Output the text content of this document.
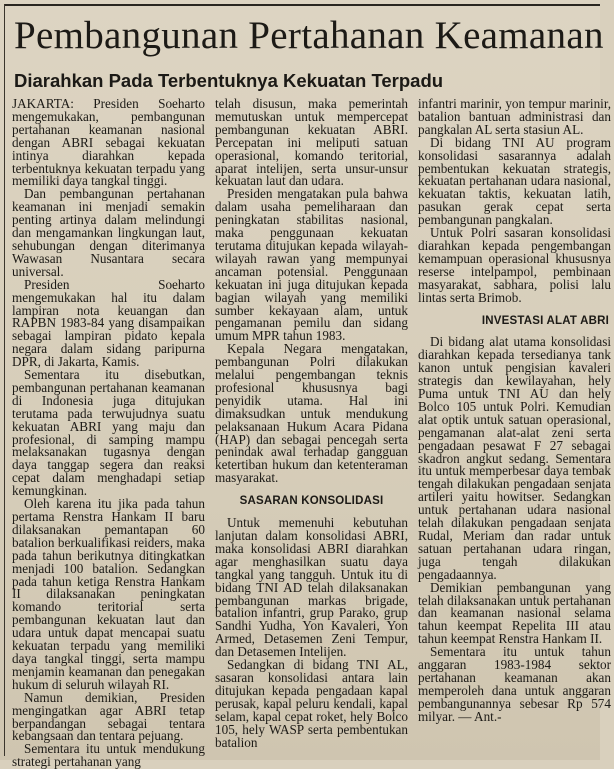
Pembangunan Pertahanan Keamanan
Diarahkan Pada Terbentuknya Kekuatan Terpadu

JAKARTA: Presiden Soeharto mengemukakan, pembangunan pertahanan keamanan nasional dengan ABRI sebagai kekuatan intinya diarahkan kepada terbentuknya kekuatan terpadu yang memiliki daya tangkal tinggi.

Dan pembangunan pertahanan keamanan ini menjadi semakin penting artinya dalam melindungi dan mengamankan lingkungan laut, sehubungan dengan diterimanya Wawasan Nusantara secara universal.

Presiden Soeharto mengemukakan hal itu dalam lampiran nota keuangan dan RAPBN 1983-84 yang disampaikan sebagai lampiran pidato kepala negara dalam sidang paripurna DPR, di Jakarta, Kamis.

Sementara itu disebutkan, pembangunan pertahanan keamanan di Indonesia juga ditujukan terutama pada terwujudnya suatu kekuatan ABRI yang maju dan profesional, di samping mampu melaksanakan tugasnya dengan daya tanggap segera dan reaksi cepat dalam menghadapi setiap kemungkinan.

Oleh karena itu jika pada tahun pertama Renstra Hankam II baru dilaksanakan pemantapan 60 batalion berkualifikasi reiders, maka pada tahun berikutnya ditingkatkan menjadi 100 batalion. Sedangkan pada tahun ketiga Renstra Hankam II dilaksanakan peningkatan komando teritorial serta pembangunan kekuatan laut dan udara untuk dapat mencapai suatu kekuatan terpadu yang memiliki daya tangkal tinggi, serta mampu menjamin keamanan dan penegakan hukum di seluruh wilayah RI.

Namun demikian, Presiden mengingatkan agar ABRI tetap berpandangan sebagai tentara kebangsaan dan tentara pejuang.

Sementara itu untuk mendukung strategi pertahanan yang

telah disusun, maka pemerintah memutuskan untuk mempercepat pembangunan kekuatan ABRI. Percepatan ini meliputi satuan operasional, komando teritorial, aparat intelijen, serta unsur-unsur kekuatan laut dan udara.

Presiden mengatakan pula bahwa dalam usaha pemeliharaan dan peningkatan stabilitas nasional, maka penggunaan kekuatan terutama ditujukan kepada wilayah-wilayah rawan yang mempunyai ancaman potensial. Penggunaan kekuatan ini juga ditujukan kepada bagian wilayah yang memiliki sumber kekayaan alam, untuk pengamanan pemilu dan sidang umum MPR tahun 1983.

Kepala Negara mengatakan, pembangunan Polri dilakukan melalui pengembangan teknis profesional khususnya bagi penyidik utama. Hal ini dimaksudkan untuk mendukung pelaksanaan Hukum Acara Pidana (HAP) dan sebagai pencegah serta penindak awal terhadap gangguan ketertiban hukum dan ketenteraman masyarakat.

SASARAN KONSOLIDASI

Untuk memenuhi kebutuhan lanjutan dalam konsolidasi ABRI, maka konsolidasi ABRI diarahkan agar menghasilkan suatu daya tangkal yang tangguh. Untuk itu di bidang TNI AD telah dilaksanakan pembangunan markas brigade, batalion infantri, grup Parako, grup Sandhi Yudha, Yon Kavaleri, Yon Armed, Detasemen Zeni Tempur, dan Detasemen Intelijen.

Sedangkan di bidang TNI AL, sasaran konsolidasi antara lain ditujukan kepada pengadaan kapal perusak, kapal peluru kendali, kapal selam, kapal cepat roket, hely Bolco 105, hely WASP serta pembentukan batalion

infantri marinir, yon tempur marinir, batalion bantuan administrasi dan pangkalan AL serta stasiun AL.

Di bidang TNI AU program konsolidasi sasarannya adalah pembentukan kekuatan strategis, kekuatan pertahanan udara nasional, kekuatan taktis, kekuatan latih, pasukan gerak cepat serta pembangunan pangkalan.

Untuk Polri sasaran konsolidasi diarahkan kepada pengembangan kemampuan operasional khususnya reserse intelpampol, pembinaan masyarakat, sabhara, polisi lalu lintas serta Brimob.

INVESTASI ALAT ABRI

Di bidang alat utama konsolidasi diarahkan kepada tersedianya tank kanon untuk pengisian kavaleri strategis dan kewilayahan, hely Puma untuk TNI AU dan hely Bolco 105 untuk Polri. Kemudian alat optik untuk satuan operasional, pengamanan alat-alat zeni serta pengadaan pesawat F 27 sebagai skadron angkut sedang. Sementara itu untuk memperbesar daya tembak tengah dilakukan pengadaan senjata artileri yaitu howitser. Sedangkan untuk pertahanan udara nasional telah dilakukan pengadaan senjata Rudal, Meriam dan radar untuk satuan pertahanan udara ringan, juga tengah dilakukan pengadaannya.

Demikian pembangunan yang telah dilaksanakan untuk pertahanan dan keamanan nasional selama tahun keempat Repelita III atau tahun keempat Renstra Hankam II.

Sementara itu untuk tahun anggaran 1983-1984 sektor pertahanan keamanan akan memperoleh dana untuk anggaran pembangunannya sebesar Rp 574 milyar. — Ant.-
